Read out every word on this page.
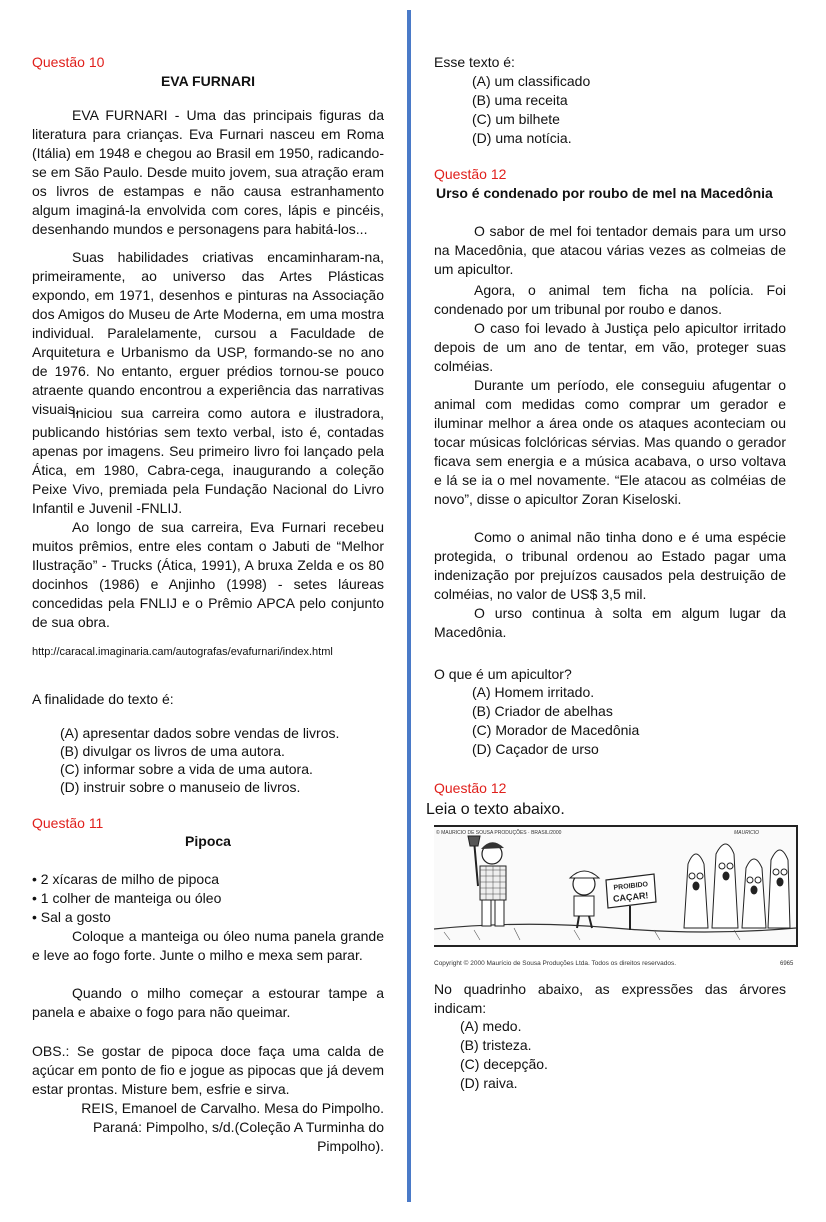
Questão 10
EVA FURNARI

EVA FURNARI - Uma das principais figuras da literatura para crianças. Eva Furnari nasceu em Roma (Itália) em 1948 e chegou ao Brasil em 1950, radicando-se em São Paulo. Desde muito jovem, sua atração eram os livros de estampas e não causa estranhamento algum imaginá-la envolvida com cores, lápis e pincéis, desenhando mundos e personagens para habitá-los...

Suas habilidades criativas encaminharam-na, primeiramente, ao universo das Artes Plásticas expondo, em 1971, desenhos e pinturas na Associação dos Amigos do Museu de Arte Moderna, em uma mostra individual. Paralelamente, cursou a Faculdade de Arquitetura e Urbanismo da USP, formando-se no ano de 1976. No entanto, erguer prédios tornou-se pouco atraente quando encontrou a experiência das narrativas visuais.

Iniciou sua carreira como autora e ilustradora, publicando histórias sem texto verbal, isto é, contadas apenas por imagens. Seu primeiro livro foi lançado pela Ática, em 1980, Cabra-cega, inaugurando a coleção Peixe Vivo, premiada pela Fundação Nacional do Livro Infantil e Juvenil -FNLIJ.

Ao longo de sua carreira, Eva Furnari recebeu muitos prêmios, entre eles contam o Jabuti de “Melhor Ilustração” - Trucks (Ática, 1991), A bruxa Zelda e os 80 docinhos (1986) e Anjinho (1998) - setes láureas concedidas pela FNLIJ e o Prêmio APCA pelo conjunto de sua obra.

http://caracal.imaginaria.cam/autografas/evafurnari/index.html

A finalidade do texto é:
(A) apresentar dados sobre vendas de livros.
(B) divulgar os livros de uma autora.
(C) informar sobre a vida de uma autora.
(D) instruir sobre o manuseio de livros.
Questão 11
Pipoca
• 2 xícaras de milho de pipoca
• 1 colher de manteiga ou óleo
• Sal a gosto

Coloque a manteiga ou óleo numa panela grande e leve ao fogo forte. Junte o milho e mexa sem parar.

Quando o milho começar a estourar tampe a panela e abaixe o fogo para não queimar.

OBS.: Se gostar de pipoca doce faça uma calda de açúcar em ponto de fio e jogue as pipocas que já devem estar prontas. Misture bem, esfrie e sirva.

REIS, Emanoel de Carvalho. Mesa do Pimpolho.
Paraná: Pimpolho, s/d.(Coleção A Turminha do
Pimpolho).
Esse texto é:
(A) um classificado
(B) uma receita
(C) um bilhete
(D) uma notícia.
Questão 12
Urso é condenado por roubo de mel na Macedônia

O sabor de mel foi tentador demais para um urso na Macedônia, que atacou várias vezes as colmeias de um apicultor.

Agora, o animal tem ficha na polícia. Foi condenado por um tribunal por roubo e danos.

O caso foi levado à Justiça pelo apicultor irritado depois de um ano de tentar, em vão, proteger suas colméias.

Durante um período, ele conseguiu afugentar o animal com medidas como comprar um gerador e iluminar melhor a área onde os ataques aconteciam ou tocar músicas folclóricas sérvias. Mas quando o gerador ficava sem energia e a música acabava, o urso voltava e lá se ia o mel novamente. “Ele atacou as colméias de novo”, disse o apicultor Zoran Kiseloski.

Como o animal não tinha dono e é uma espécie protegida, o tribunal ordenou ao Estado pagar uma indenização por prejuízos causados pela destruição de colméias, no valor de US$ 3,5 mil.

O urso continua à solta em algum lugar da Macedônia.

O que é um apicultor?
(A) Homem irritado.
(B) Criador de abelhas
(C) Morador de Macedônia
(D) Caçador de urso
Questão 12
Leia o texto abaixo.
© MAURICIO DE SOUSA PRODUÇÕES · BRASIL/2000	MAURICIO
PROIBIDO
CAÇAR!
Copyright © 2000 Maurício de Sousa Produções Ltda. Todos os direitos reservados.	6965

No quadrinho abaixo, as expressões das árvores indicam:

(A) medo.
(B) tristeza.
(C) decepção.
(D) raiva.
